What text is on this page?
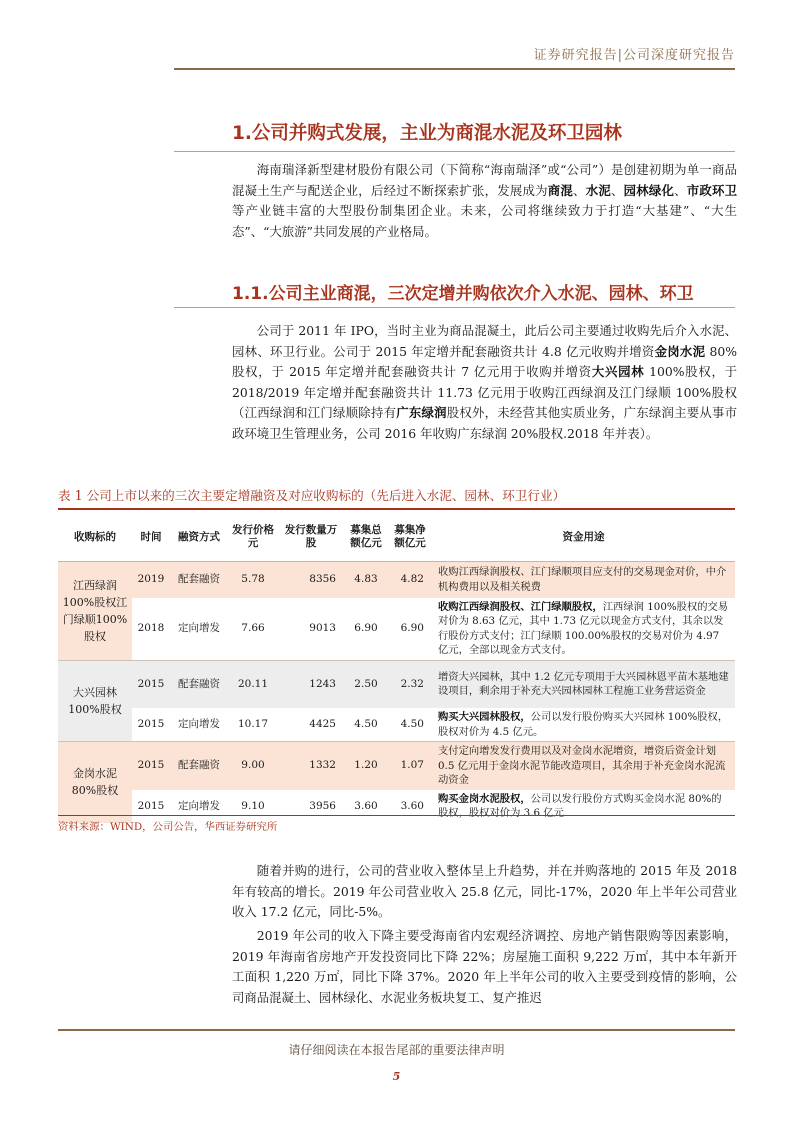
证券研究报告|公司深度研究报告
1.公司并购式发展，主业为商混水泥及环卫园林
海南瑞泽新型建材股份有限公司（下简称“海南瑞泽”或“公司”）是创建初期为单一商品混凝土生产与配送企业，后经过不断探索扩张，发展成为商混、水泥、园林绿化、市政环卫等产业链丰富的大型股份制集团企业。未来，公司将继续致力于打造“大基建”、“大生态”、“大旅游”共同发展的产业格局。
1.1.公司主业商混，三次定增并购依次介入水泥、园林、环卫
公司于 2011 年 IPO，当时主业为商品混凝土，此后公司主要通过收购先后介入水泥、园林、环卫行业。公司于 2015 年定增并配套融资共计 4.8 亿元收购并增资金岗水泥 80%股权，于 2015 年定增并配套融资共计 7 亿元用于收购并增资大兴园林 100%股权，于 2018/2019 年定增并配套融资共计 11.73 亿元用于收购江西绿润及江门绿顺 100%股权（江西绿润和江门绿顺除持有广东绿润股权外，未经营其他实质业务，广东绿润主要从事市政环境卫生管理业务，公司 2016 年收购广东绿润 20%股权.2018 年并表）。
表 1 公司上市以来的三次主要定增融资及对应收购标的（先后进入水泥、园林、环卫行业）
收购标的	时间	融资方式	发行价格元	发行数量万股	募集总额亿元	募集净额亿元	资金用途
江西绿润100%股权江门绿顺100%股权	2019	配套融资	5.78	8356	4.83	4.82	收购江西绿润股权、江门绿顺项目应支付的交易现金对价，中介机构费用以及相关税费
	2018	定向增发	7.66	9013	6.90	6.90	收购江西绿润股权、江门绿顺股权，江西绿润 100%股权的交易对价为 8.63 亿元，其中 1.73 亿元以现金方式支付，其余以发行股份方式支付；江门绿顺 100.00%股权的交易对价为 4.97 亿元，全部以现金方式支付。
大兴园林100%股权	2015	配套融资	20.11	1243	2.50	2.32	增资大兴园林，其中 1.2 亿元专项用于大兴园林恩平苗木基地建设项目，剩余用于补充大兴园林园林工程施工业务营运资金
	2015	定向增发	10.17	4425	4.50	4.50	购买大兴园林股权，公司以发行股份购买大兴园林 100%股权，股权对价为 4.5 亿元。
金岗水泥80%股权	2015	配套融资	9.00	1332	1.20	1.07	支付定向增发发行费用以及对金岗水泥增资，增资后资金计划 0.5 亿元用于金岗水泥节能改造项目，其余用于补充金岗水泥流动资金
	2015	定向增发	9.10	3956	3.60	3.60	购买金岗水泥股权，公司以发行股份方式购买金岗水泥 80%的股权，股权对价为 3.6 亿元
资料来源：WIND，公司公告，华西证券研究所
随着并购的进行，公司的营业收入整体呈上升趋势，并在并购落地的 2015 年及 2018 年有较高的增长。2019 年公司营业收入 25.8 亿元，同比-17%，2020 年上半年公司营业收入 17.2 亿元，同比-5%。
2019 年公司的收入下降主要受海南省内宏观经济调控、房地产销售限购等因素影响，2019 年海南省房地产开发投资同比下降 22%；房屋施工面积 9,222 万㎡，其中本年新开工面积 1,220 万㎡，同比下降 37%。2020 年上半年公司的收入主要受到疫情的影响，公司商品混凝土、园林绿化、水泥业务板块复工、复产推迟
请仔细阅读在本报告尾部的重要法律声明
5
